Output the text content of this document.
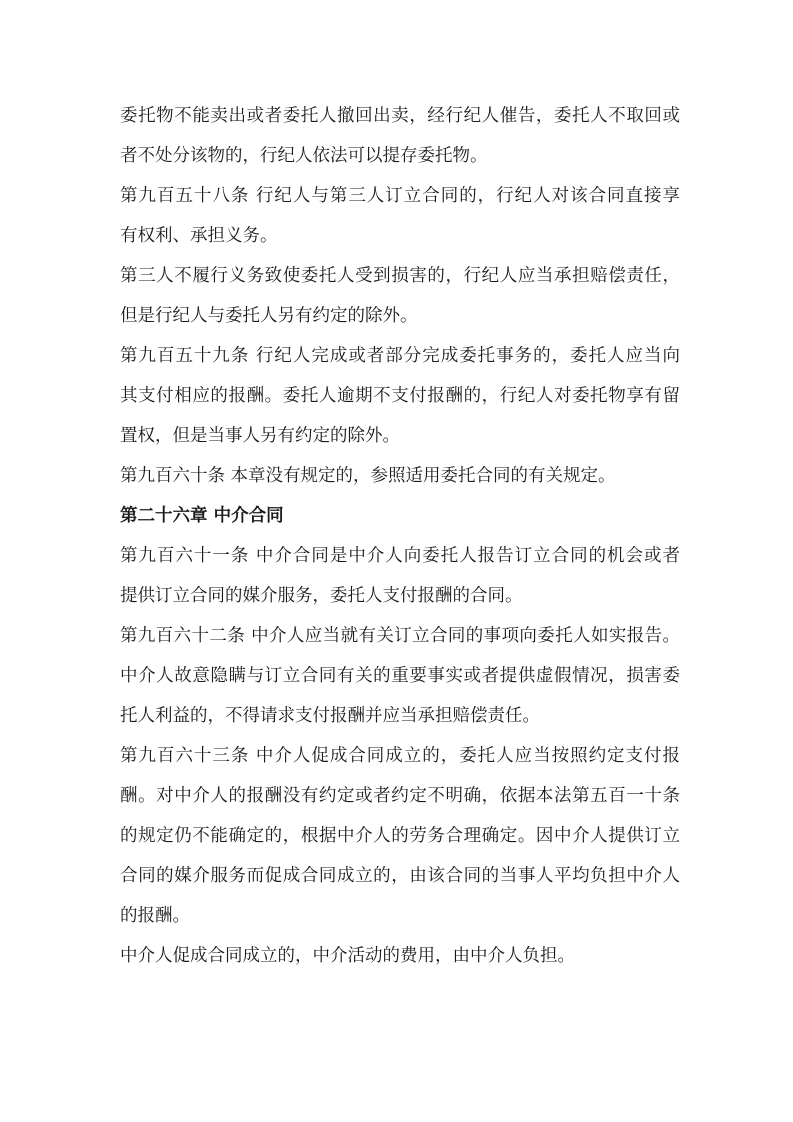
委托物不能卖出或者委托人撤回出卖，经行纪人催告，委托人不取回或
者不处分该物的，行纪人依法可以提存委托物。
第九百五十八条 行纪人与第三人订立合同的，行纪人对该合同直接享
有权利、承担义务。
第三人不履行义务致使委托人受到损害的，行纪人应当承担赔偿责任，
但是行纪人与委托人另有约定的除外。
第九百五十九条 行纪人完成或者部分完成委托事务的，委托人应当向
其支付相应的报酬。委托人逾期不支付报酬的，行纪人对委托物享有留
置权，但是当事人另有约定的除外。
第九百六十条 本章没有规定的，参照适用委托合同的有关规定。
第二十六章 中介合同
第九百六十一条 中介合同是中介人向委托人报告订立合同的机会或者
提供订立合同的媒介服务，委托人支付报酬的合同。
第九百六十二条 中介人应当就有关订立合同的事项向委托人如实报告。
中介人故意隐瞒与订立合同有关的重要事实或者提供虚假情况，损害委
托人利益的，不得请求支付报酬并应当承担赔偿责任。
第九百六十三条 中介人促成合同成立的，委托人应当按照约定支付报
酬。对中介人的报酬没有约定或者约定不明确，依据本法第五百一十条
的规定仍不能确定的，根据中介人的劳务合理确定。因中介人提供订立
合同的媒介服务而促成合同成立的，由该合同的当事人平均负担中介人
的报酬。
中介人促成合同成立的，中介活动的费用，由中介人负担。
